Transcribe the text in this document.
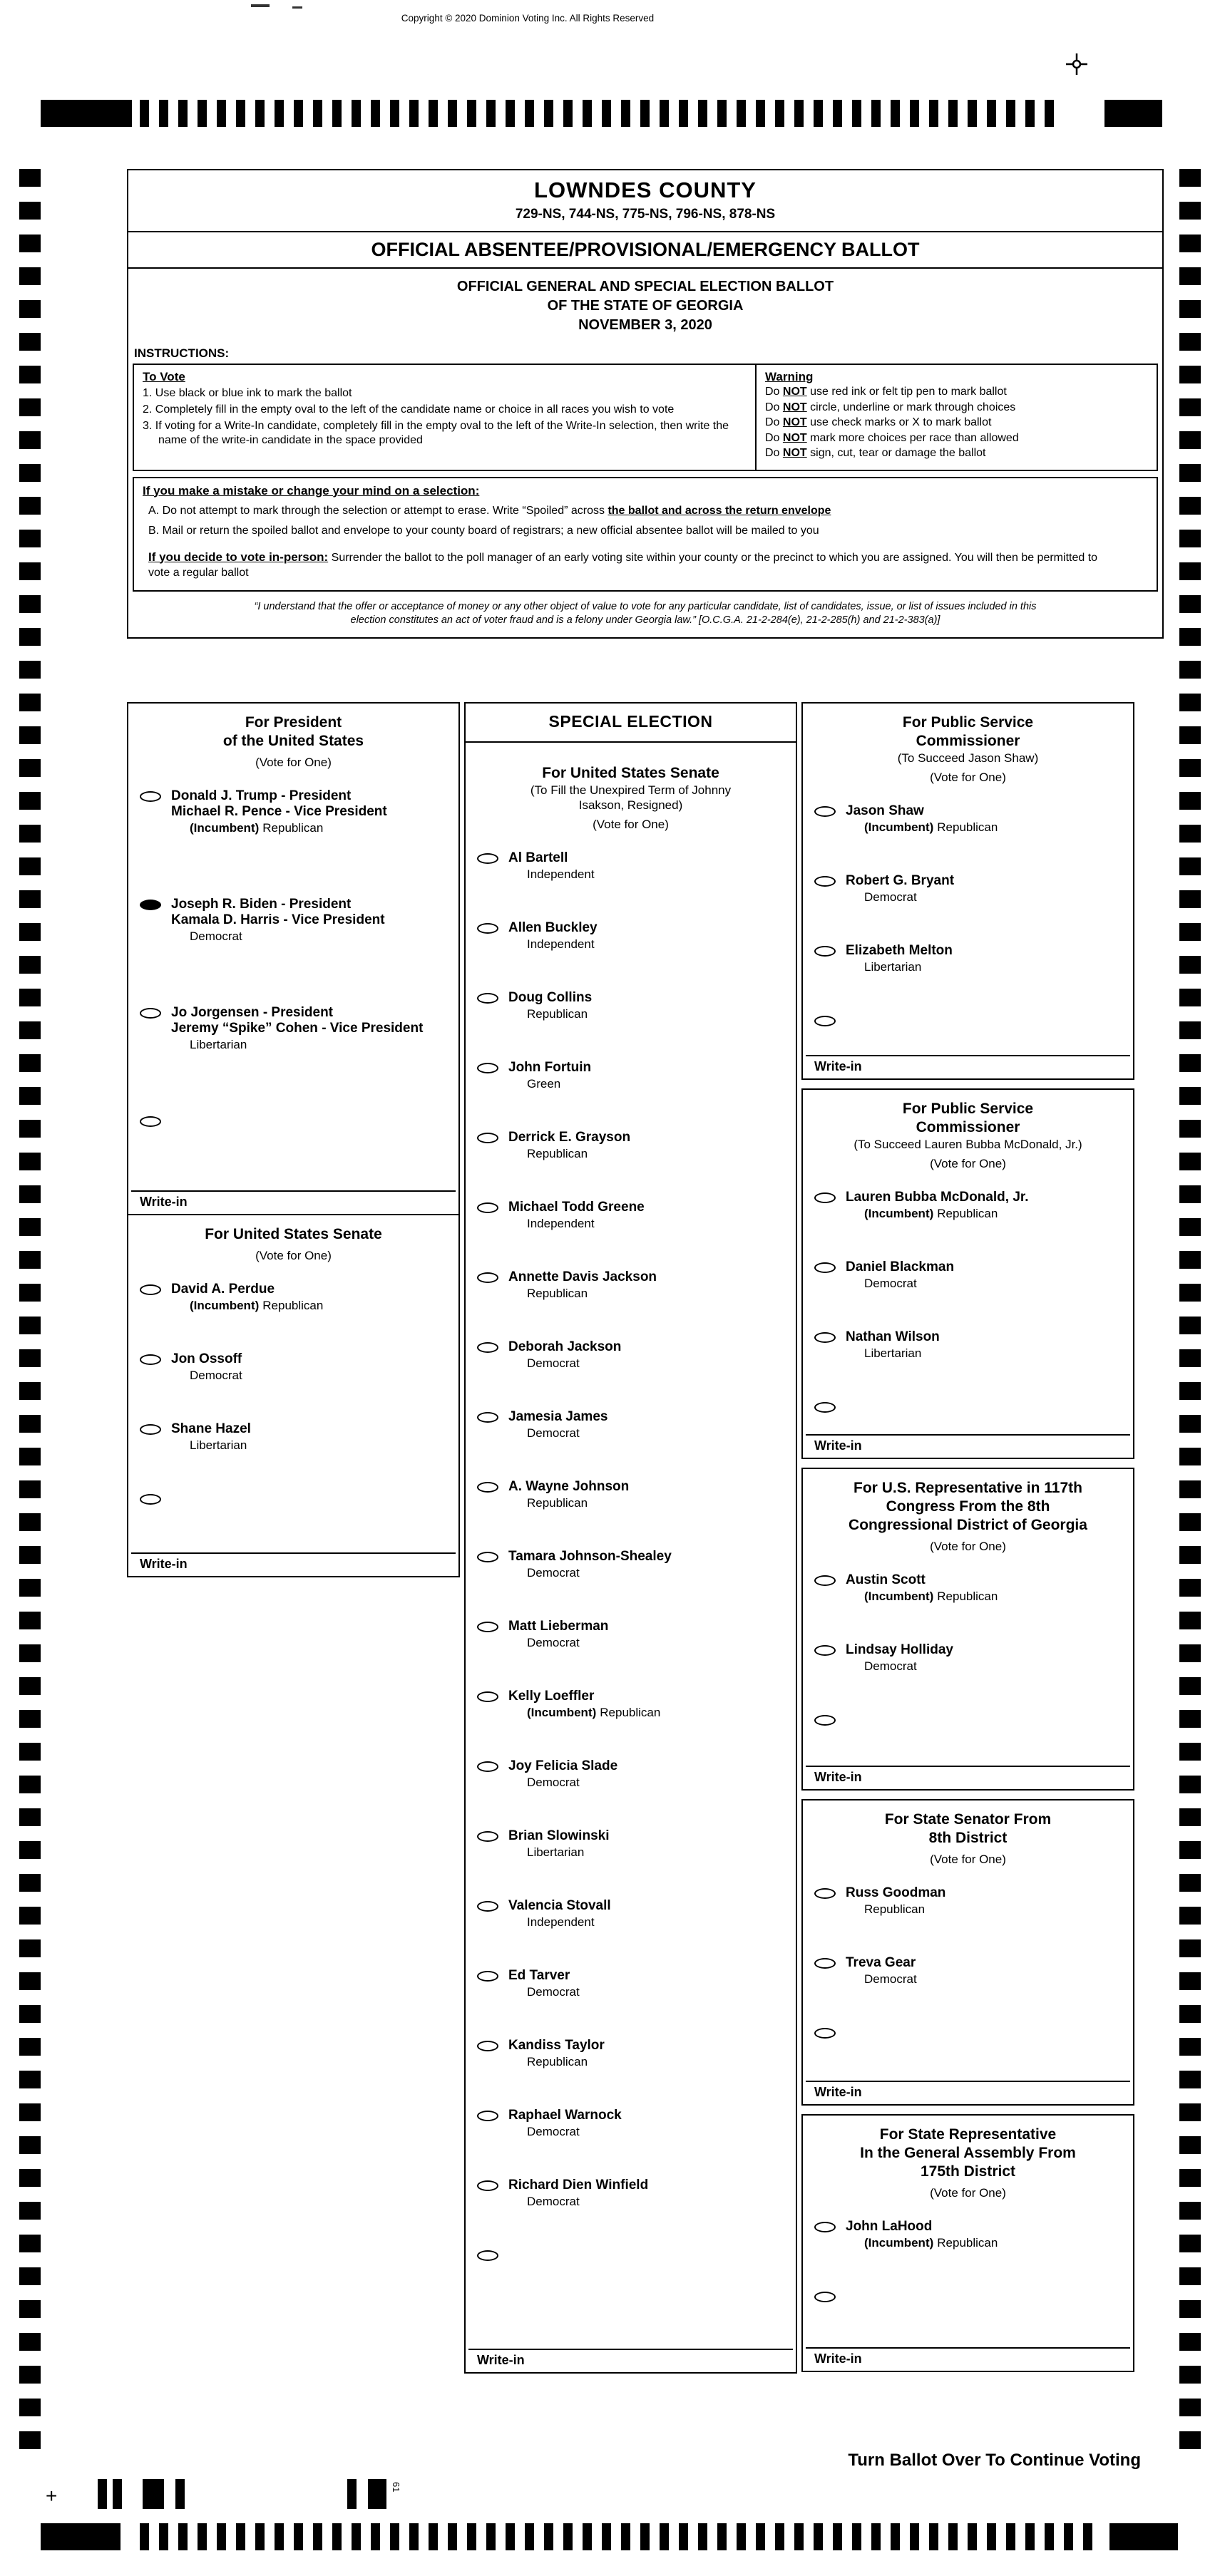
Copyright © 2020 Dominion Voting Inc. All Rights Reserved
LOWNDES COUNTY
729-NS, 744-NS, 775-NS, 796-NS, 878-NS
OFFICIAL ABSENTEE/PROVISIONAL/EMERGENCY BALLOT
OFFICIAL GENERAL AND SPECIAL ELECTION BALLOT
OF THE STATE OF GEORGIA
NOVEMBER 3, 2020
INSTRUCTIONS:
To Vote
1. Use black or blue ink to mark the ballot
2. Completely fill in the empty oval to the left of the candidate name or choice in all races you wish to vote
3. If voting for a Write-In candidate, completely fill in the empty oval to the left of the Write-In selection, then write the name of the write-in candidate in the space provided
Warning
Do NOT use red ink or felt tip pen to mark ballot
Do NOT circle, underline or mark through choices
Do NOT use check marks or X to mark ballot
Do NOT mark more choices per race than allowed
Do NOT sign, cut, tear or damage the ballot
If you make a mistake or change your mind on a selection:
A. Do not attempt to mark through the selection or attempt to erase. Write “Spoiled” across the ballot and across the return envelope
B. Mail or return the spoiled ballot and envelope to your county board of registrars; a new official absentee ballot will be mailed to you
If you decide to vote in-person: Surrender the ballot to the poll manager of an early voting site within your county or the precinct to which you are assigned. You will then be permitted to vote a regular ballot
“I understand that the offer or acceptance of money or any other object of value to vote for any particular candidate, list of candidates, issue, or list of issues included in this election constitutes an act of voter fraud and is a felony under Georgia law.” [O.C.G.A. 21-2-284(e), 21-2-285(h) and 21-2-383(a)]
For President
of the United States
(Vote for One)
Donald J. Trump - President
Michael R. Pence - Vice President
(Incumbent) Republican
Joseph R. Biden - President
Kamala D. Harris - Vice President
Democrat
Jo Jorgensen - President
Jeremy “Spike” Cohen - Vice President
Libertarian
Write-in
For United States Senate
(Vote for One)
David A. Perdue
(Incumbent) Republican
Jon Ossoff
Democrat
Shane Hazel
Libertarian
Write-in
SPECIAL ELECTION
For United States Senate
(To Fill the Unexpired Term of Johnny
Isakson, Resigned)
(Vote for One)
Al Bartell
Independent
Allen Buckley
Independent
Doug Collins
Republican
John Fortuin
Green
Derrick E. Grayson
Republican
Michael Todd Greene
Independent
Annette Davis Jackson
Republican
Deborah Jackson
Democrat
Jamesia James
Democrat
A. Wayne Johnson
Republican
Tamara Johnson-Shealey
Democrat
Matt Lieberman
Democrat
Kelly Loeffler
(Incumbent) Republican
Joy Felicia Slade
Democrat
Brian Slowinski
Libertarian
Valencia Stovall
Independent
Ed Tarver
Democrat
Kandiss Taylor
Republican
Raphael Warnock
Democrat
Richard Dien Winfield
Democrat
Write-in
For Public Service
Commissioner
(To Succeed Jason Shaw)
(Vote for One)
Jason Shaw
(Incumbent) Republican
Robert G. Bryant
Democrat
Elizabeth Melton
Libertarian
Write-in
For Public Service
Commissioner
(To Succeed Lauren Bubba McDonald, Jr.)
(Vote for One)
Lauren Bubba McDonald, Jr.
(Incumbent) Republican
Daniel Blackman
Democrat
Nathan Wilson
Libertarian
Write-in
For U.S. Representative in 117th
Congress From the 8th
Congressional District of Georgia
(Vote for One)
Austin Scott
(Incumbent) Republican
Lindsay Holliday
Democrat
Write-in
For State Senator From
8th District
(Vote for One)
Russ Goodman
Republican
Treva Gear
Democrat
Write-in
For State Representative
In the General Assembly From
175th District
(Vote for One)
John LaHood
(Incumbent) Republican
Write-in
+	61
Turn Ballot Over To Continue Voting
